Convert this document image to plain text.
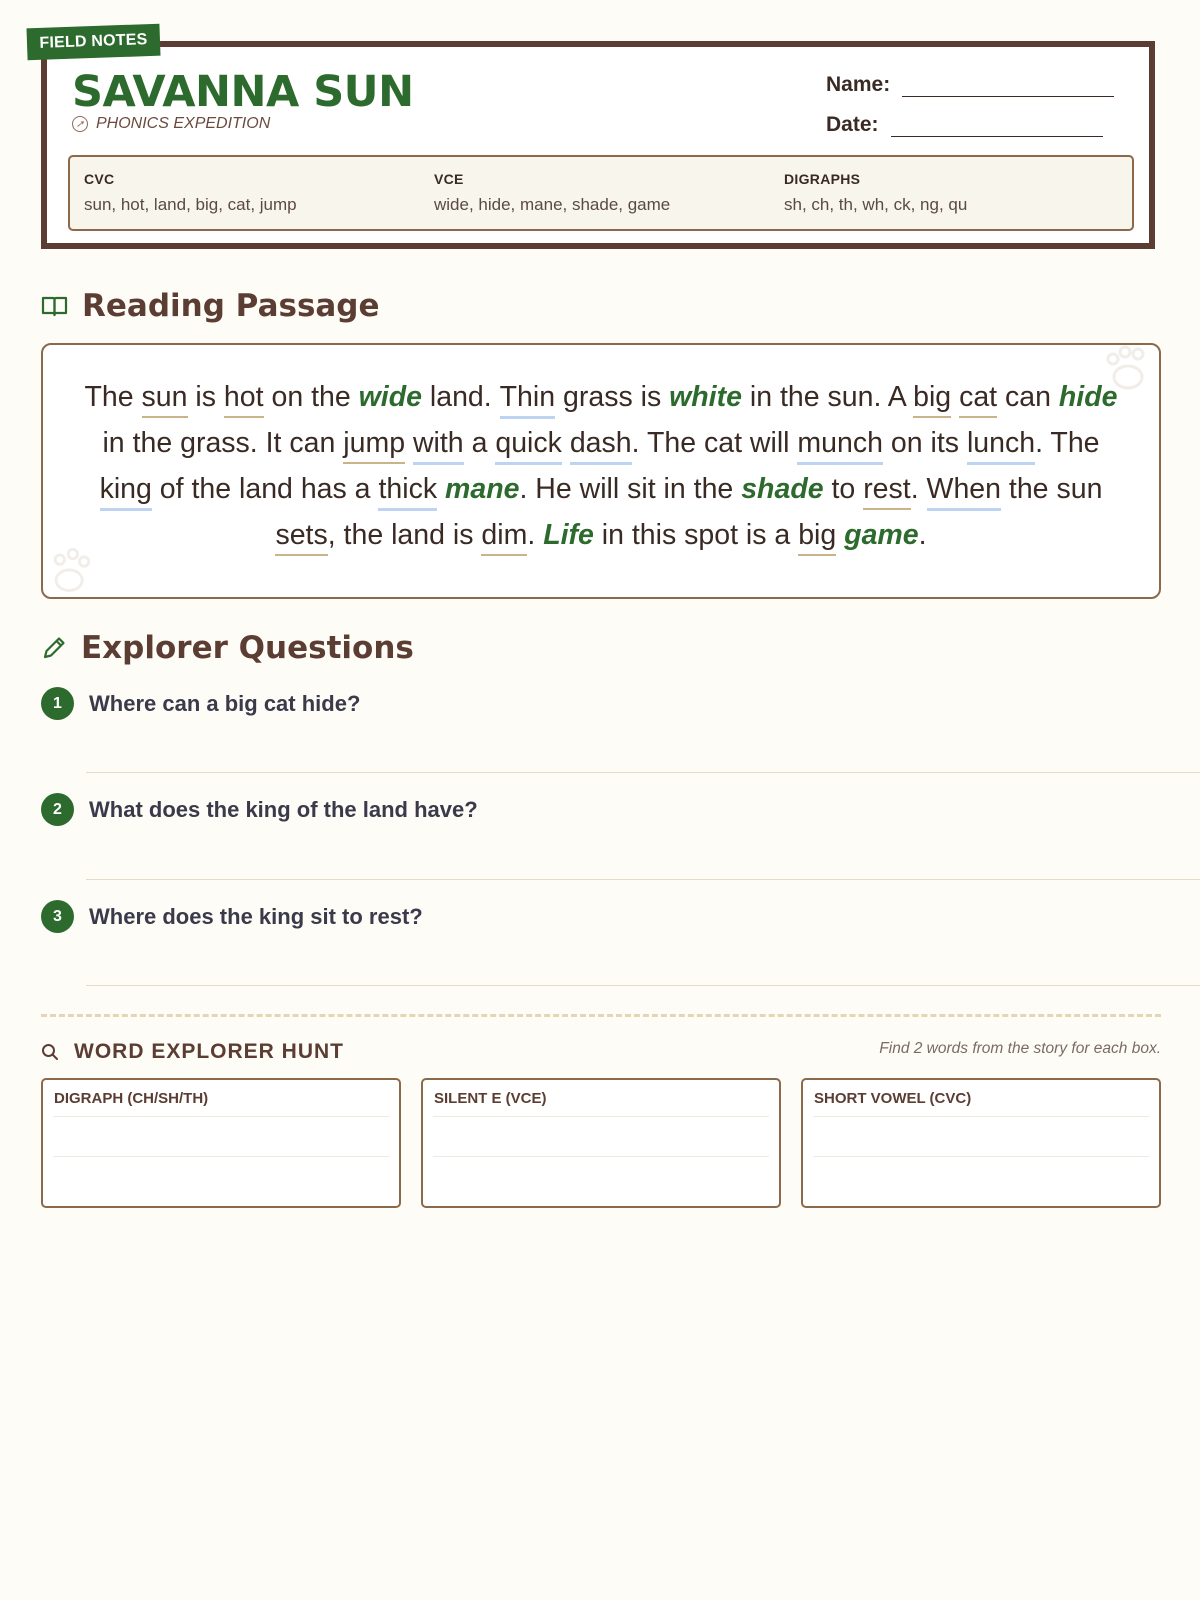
FIELD NOTES
SAVANNA SUN
➚ PHONICS EXPEDITION
Name:
Date:
CVC
sun, hot, land, big, cat, jump
VCE
wide, hide, mane, shade, game
DIGRAPHS
sh, ch, th, wh, ck, ng, qu
Reading Passage
The sun is hot on the wide land. Thin grass is white in the sun. A big cat can hide in the grass. It can jump with a quick dash. The cat will munch on its lunch. The king of the land has a thick mane. He will sit in the shade to rest. When the sun sets, the land is dim. Life in this spot is a big game.
Explorer Questions
1	Where can a big cat hide?
2	What does the king of the land have?
3	Where does the king sit to rest?
WORD EXPLORER HUNT	Find 2 words from the story for each box.
DIGRAPH (CH/SH/TH)	SILENT E (VCE)	SHORT VOWEL (CVC)
